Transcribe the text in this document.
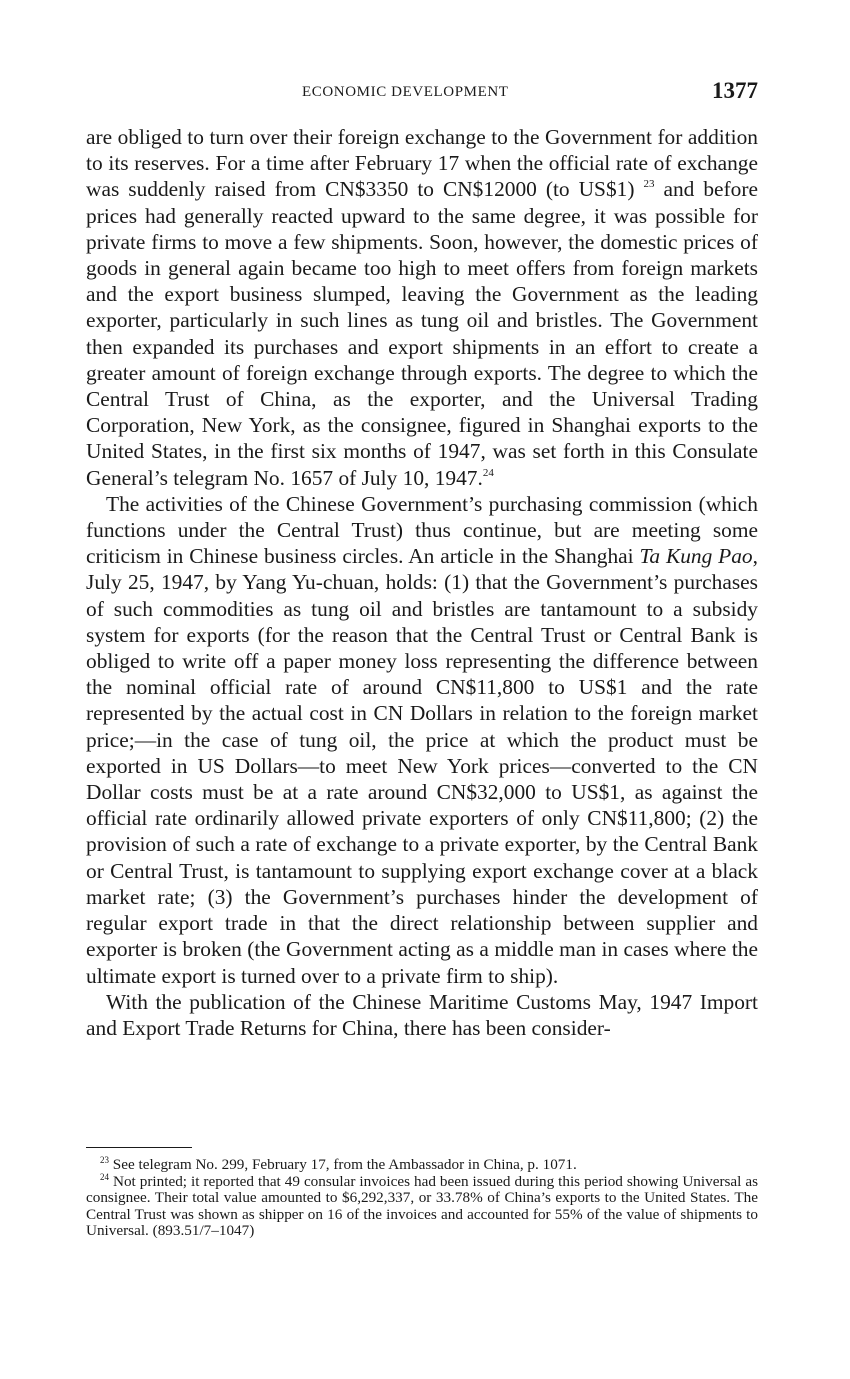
ECONOMIC DEVELOPMENT	1377

are obliged to turn over their foreign exchange to the Government for addition to its reserves. For a time after February 17 when the official rate of exchange was suddenly raised from CN$3350 to CN$12000 (to US$1) $^{23}$ and before prices had generally reacted upward to the same degree, it was possible for private firms to move a few shipments. Soon, however, the domestic prices of goods in general again became too high to meet offers from foreign markets and the export business slumped, leaving the Government as the leading exporter, particularly in such lines as tung oil and bristles. The Government then expanded its purchases and export shipments in an effort to create a greater amount of foreign exchange through exports. The degree to which the Central Trust of China, as the exporter, and the Universal Trading Corporation, New York, as the consignee, figured in Shanghai exports to the United States, in the first six months of 1947, was set forth in this Consulate General’s telegram No. 1657 of July 10, 1947.24

The activities of the Chinese Government’s purchasing commission (which functions under the Central Trust) thus continue, but are meeting some criticism in Chinese business circles. An article in the Shanghai Ta Kung Pao, July 25, 1947, by Yang Yu-chuan, holds: (1) that the Government’s purchases of such commodities as tung oil and bristles are tantamount to a subsidy system for exports (for the reason that the Central Trust or Central Bank is obliged to write off a paper money loss representing the difference between the nominal official rate of around CN$11,800 to US$1 and the rate represented by the actual cost in CN Dollars in relation to the foreign market price;—in the case of tung oil, the price at which the product must be exported in US Dollars—to meet New York prices—converted to the CN Dollar costs must be at a rate around CN$32,000 to US$1, as against the official rate ordinarily allowed private exporters of only CN$11,800; (2) the provision of such a rate of exchange to a private exporter, by the Central Bank or Central Trust, is tantamount to supplying export exchange cover at a black market rate; (3) the Government’s purchases hinder the development of regular export trade in that the direct relationship between supplier and exporter is broken (the Government acting as a middle man in cases where the ultimate export is turned over to a private firm to ship).

With the publication of the Chinese Maritime Customs May, 1947 Import and Export Trade Returns for China, there has been consider-

$^{23}$ See telegram No. 299, February 17, from the Ambassador in China, p. 1071.

$^{24}$ Not printed; it reported that 49 consular invoices had been issued during this period showing Universal as consignee. Their total value amounted to $6,292,337, or 33.78% of China’s exports to the United States. The Central Trust was shown as shipper on 16 of the invoices and accounted for 55% of the value of shipments to Universal. (893.51/7–1047)
